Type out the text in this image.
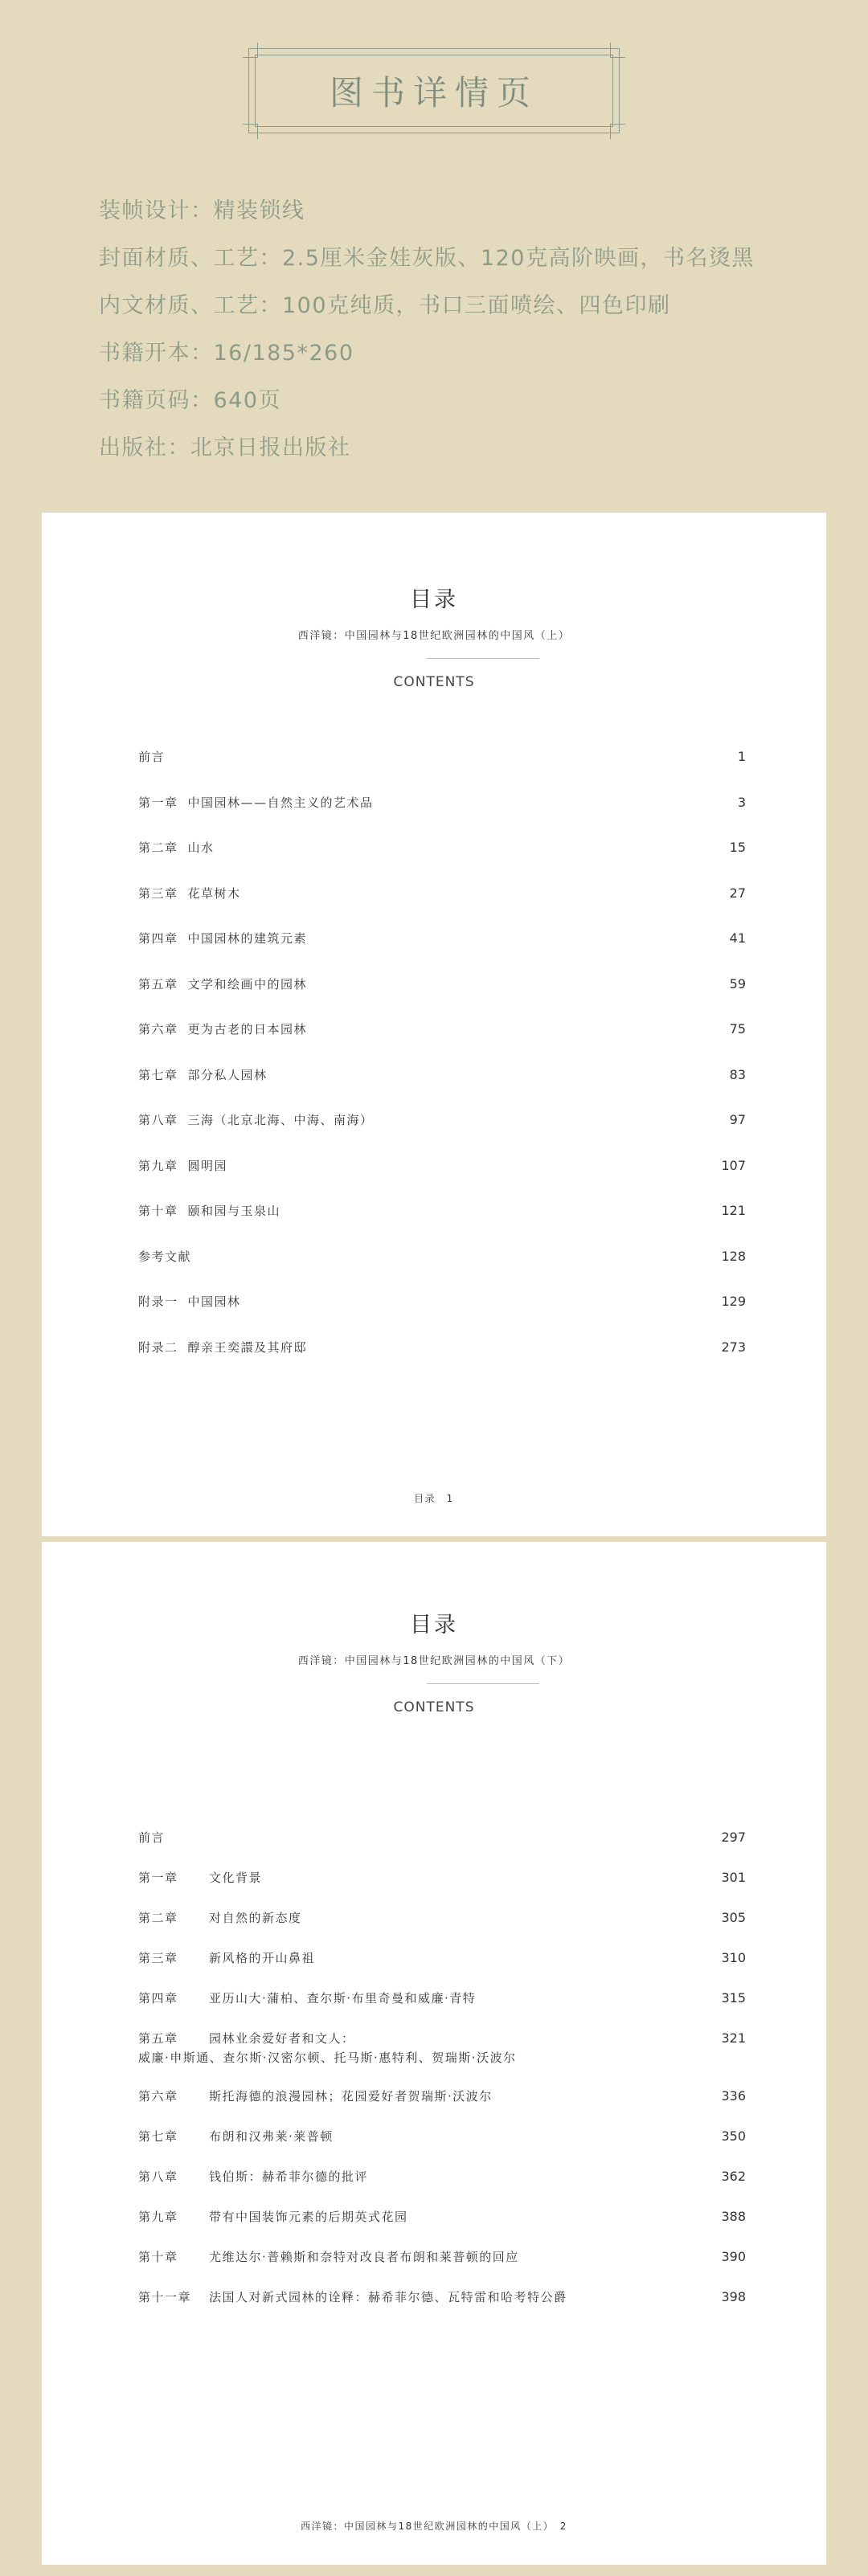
图书详情页
装帧设计：精装锁线
封面材质、工艺：2.5厘米金娃灰版、120克高阶映画，书名烫黑
内文材质、工艺：100克纯质，书口三面喷绘、四色印刷
书籍开本：16/185*260
书籍页码：640页
出版社：北京日报出版社
目录
西洋镜：中国园林与18世纪欧洲园林的中国风（上）
CONTENTS
前言	1
第一章 中国园林——自然主义的艺术品	3
第二章 山水	15
第三章 花草树木	27
第四章 中国园林的建筑元素	41
第五章 文学和绘画中的园林	59
第六章 更为古老的日本园林	75
第七章 部分私人园林	83
第八章 三海（北京北海、中海、南海）	97
第九章 圆明园	107
第十章 颐和园与玉泉山	121
参考文献	128
附录一 中国园林	129
附录二 醇亲王奕譞及其府邸	273
目录　1
目录
西洋镜：中国园林与18世纪欧洲园林的中国风（下）
CONTENTS
前言	297
第一章	文化背景	301
第二章	对自然的新态度	305
第三章	新风格的开山鼻祖	310
第四章	亚历山大·蒲柏、查尔斯·布里奇曼和威廉·青特	315
第五章	园林业余爱好者和文人：
威廉·申斯通、查尔斯·汉密尔顿、托马斯·惠特利、贺瑞斯·沃波尔
321
第六章	斯托海德的浪漫园林；花园爱好者贺瑞斯·沃波尔	336
第七章	布朗和汉弗莱·莱普顿	350
第八章	钱伯斯：赫希菲尔德的批评	362
第九章	带有中国装饰元素的后期英式花园	388
第十章	尤维达尔·普赖斯和奈特对改良者布朗和莱普顿的回应	390
第十一章 法国人对新式园林的诠释：赫希菲尔德、瓦特雷和哈考特公爵	398
西洋镜：中国园林与18世纪欧洲园林的中国风（上）　2
